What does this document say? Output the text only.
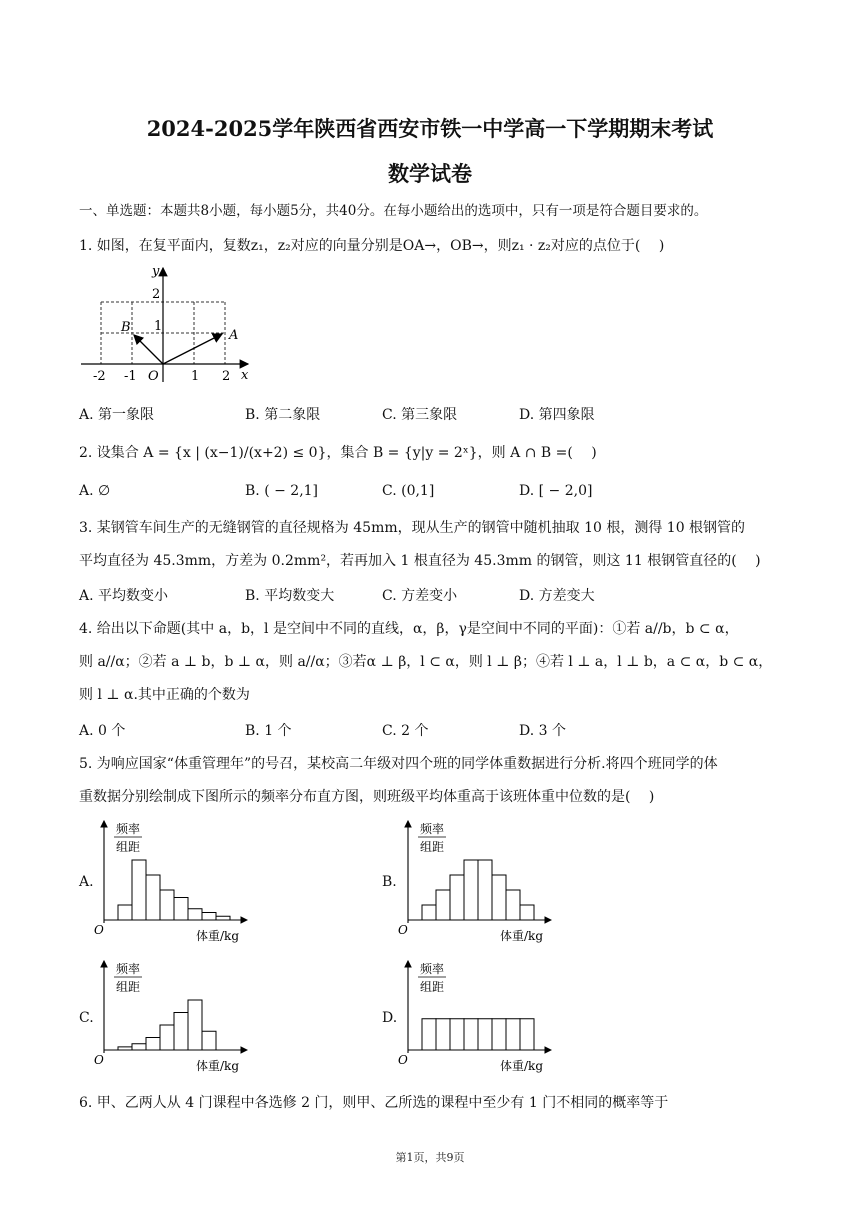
2024-2025学年陕西省西安市铁一中学高一下学期期末考试
数学试卷
一、单选题：本题共8小题，每小题5分，共40分。在每小题给出的选项中，只有一项是符合题目要求的。
1. 如图，在复平面内，复数z₁，z₂对应的向量分别是OA→，OB→，则z₁ · z₂对应的点位于(　 )
y
x
O
2
1
-2 -1	1 2
A
B
A. 第一象限	B. 第二象限	C. 第三象限	D. 第四象限
2. 设集合 A = {x | (x−1)/(x+2) ≤ 0}，集合 B = {y|y = 2ˣ}，则 A ∩ B =(　 )
A. ∅	B. ( − 2,1]	C. (0,1]	D. [ − 2,0]
3. 某钢管车间生产的无缝钢管的直径规格为 45mm，现从生产的钢管中随机抽取 10 根，测得 10 根钢管的
平均直径为 45.3mm，方差为 0.2mm²，若再加入 1 根直径为 45.3mm 的钢管，则这 11 根钢管直径的(　 )
A. 平均数变小	B. 平均数变大	C. 方差变小	D. 方差变大
4. 给出以下命题(其中 a，b，l 是空间中不同的直线，α，β，γ是空间中不同的平面)：①若 a//b，b ⊂ α，
则 a//α；②若 a ⊥ b，b ⊥ α，则 a//α；③若α ⊥ β，l ⊂ α，则 l ⊥ β；④若 l ⊥ a，l ⊥ b，a ⊂ α，b ⊂ α，
则 l ⊥ α.其中正确的个数为
A. 0 个	B. 1 个	C. 2 个	D. 3 个
5. 为响应国家“体重管理年”的号召，某校高二年级对四个班的同学体重数据进行分析.将四个班同学的体
重数据分别绘制成下图所示的频率分布直方图，则班级平均体重高于该班体重中位数的是(　 )
A.
频率
组距
O	体重/kg
B.
频率
组距
O	体重/kg
C.
频率
组距
O	体重/kg
D.
频率
组距
O	体重/kg
6. 甲、乙两人从 4 门课程中各选修 2 门，则甲、乙所选的课程中至少有 1 门不相同的概率等于
第1页，共9页
